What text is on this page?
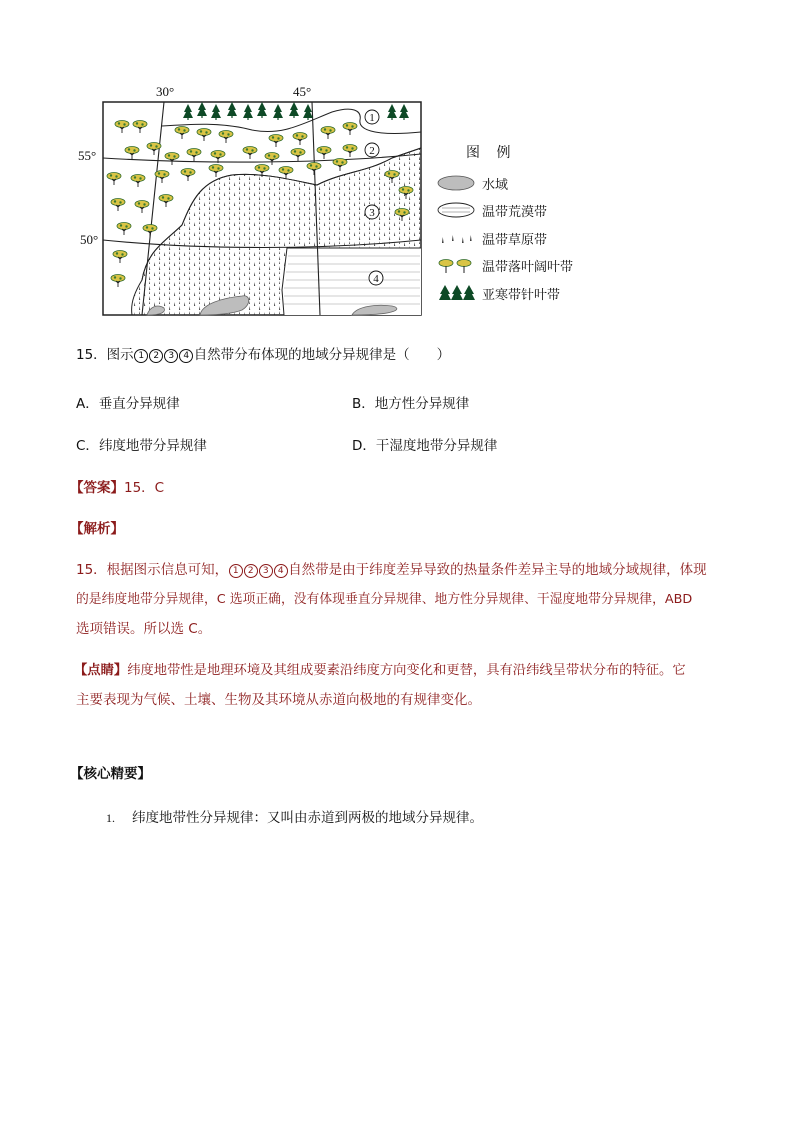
1
2
3
4
30°	45°
55°
50°
图 例
水域
温带荒漠带
温带草原带
温带落叶阔叶带
亚寒带针叶带
15．图示 1 2 3 4 自然带分布体现的地域分异规律是（　　）
A．垂直分异规律	B．地方性分异规律
C．纬度地带分异规律	D．干湿度地带分异规律
【答案】15．C
【解析】
15．根据图示信息可知， 1 2 3 4 自然带是由于纬度差异导致的热量条件差异主导的地域分域规律，体现
的是纬度地带分异规律，C 选项正确，没有体现垂直分异规律、地方性分异规律、干湿度地带分异规律，ABD
选项错误。所以选 C。
【点睛】纬度地带性是地理环境及其组成要素沿纬度方向变化和更替，具有沿纬线呈带状分布的特征。它
主要表现为气候、土壤、生物及其环境从赤道向极地的有规律变化。
【核心精要】
1. 纬度地带性分异规律：又叫由赤道到两极的地域分异规律。
